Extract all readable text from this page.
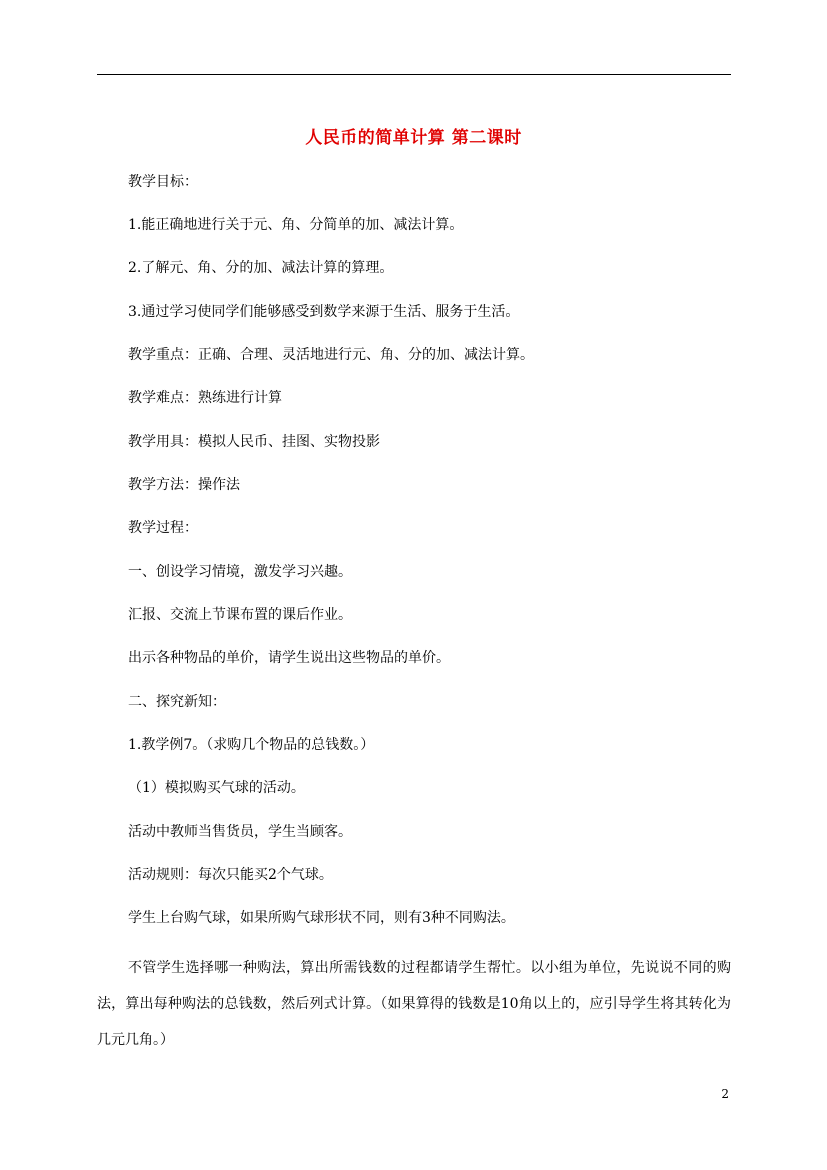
人民币的简单计算 第二课时
教学目标：
1.能正确地进行关于元、角、分简单的加、减法计算。
2.了解元、角、分的加、减法计算的算理。
3.通过学习使同学们能够感受到数学来源于生活、服务于生活。
教学重点：正确、合理、灵活地进行元、角、分的加、减法计算。
教学难点：熟练进行计算
教学用具：模拟人民币、挂图、实物投影
教学方法：操作法
教学过程：
一、创设学习情境，激发学习兴趣。
汇报、交流上节课布置的课后作业。
出示各种物品的单价，请学生说出这些物品的单价。
二、探究新知：
1.教学例7。（求购几个物品的总钱数。）
（1）模拟购买气球的活动。
活动中教师当售货员，学生当顾客。
活动规则：每次只能买2个气球。
学生上台购气球，如果所购气球形状不同，则有3种不同购法。
不管学生选择哪一种购法，算出所需钱数的过程都请学生帮忙。以小组为单位，先说说不同的购法，算出每种购法的总钱数，然后列式计算。（如果算得的钱数是10角以上的，应引导学生将其转化为几元几角。）
2
